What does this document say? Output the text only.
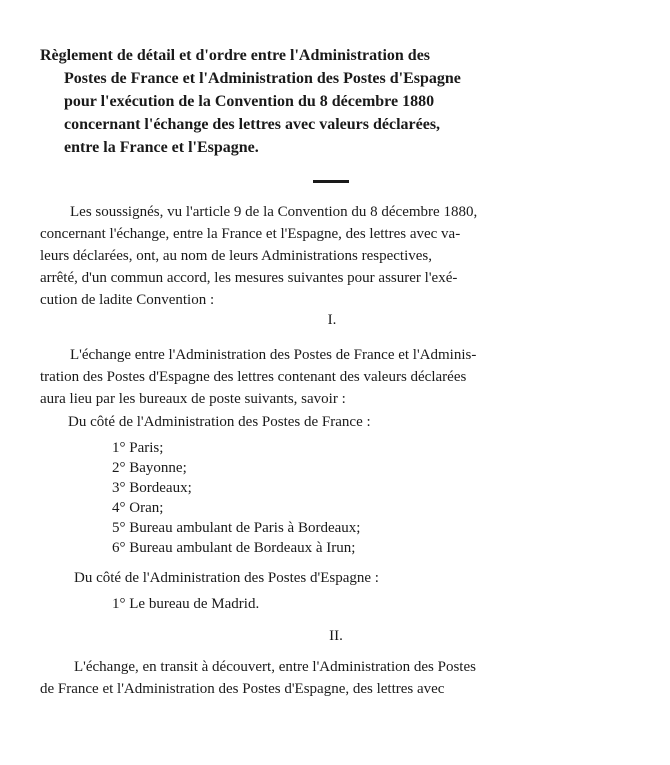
Règlement de détail et d'ordre entre l'Administration des
Postes de France et l'Administration des Postes d'Espagne
pour l'exécution de la Convention du 8 décembre 1880
concernant l'échange des lettres avec valeurs déclarées,
entre la France et l'Espagne.
Les soussignés, vu l'article 9 de la Convention du 8 décembre 1880,
concernant l'échange, entre la France et l'Espagne, des lettres avec va-
leurs déclarées, ont, au nom de leurs Administrations respectives,
arrêté, d'un commun accord, les mesures suivantes pour assurer l'exé-
cution de ladite Convention :
I.
L'échange entre l'Administration des Postes de France et l'Adminis-
tration des Postes d'Espagne des lettres contenant des valeurs déclarées
aura lieu par les bureaux de poste suivants, savoir :
Du côté de l'Administration des Postes de France :
1° Paris;
2° Bayonne;
3° Bordeaux;
4° Oran;
5° Bureau ambulant de Paris à Bordeaux;
6° Bureau ambulant de Bordeaux à Irun;
Du côté de l'Administration des Postes d'Espagne :
1° Le bureau de Madrid.
II.
L'échange, en transit à découvert, entre l'Administration des Postes
de France et l'Administration des Postes d'Espagne, des lettres avec
